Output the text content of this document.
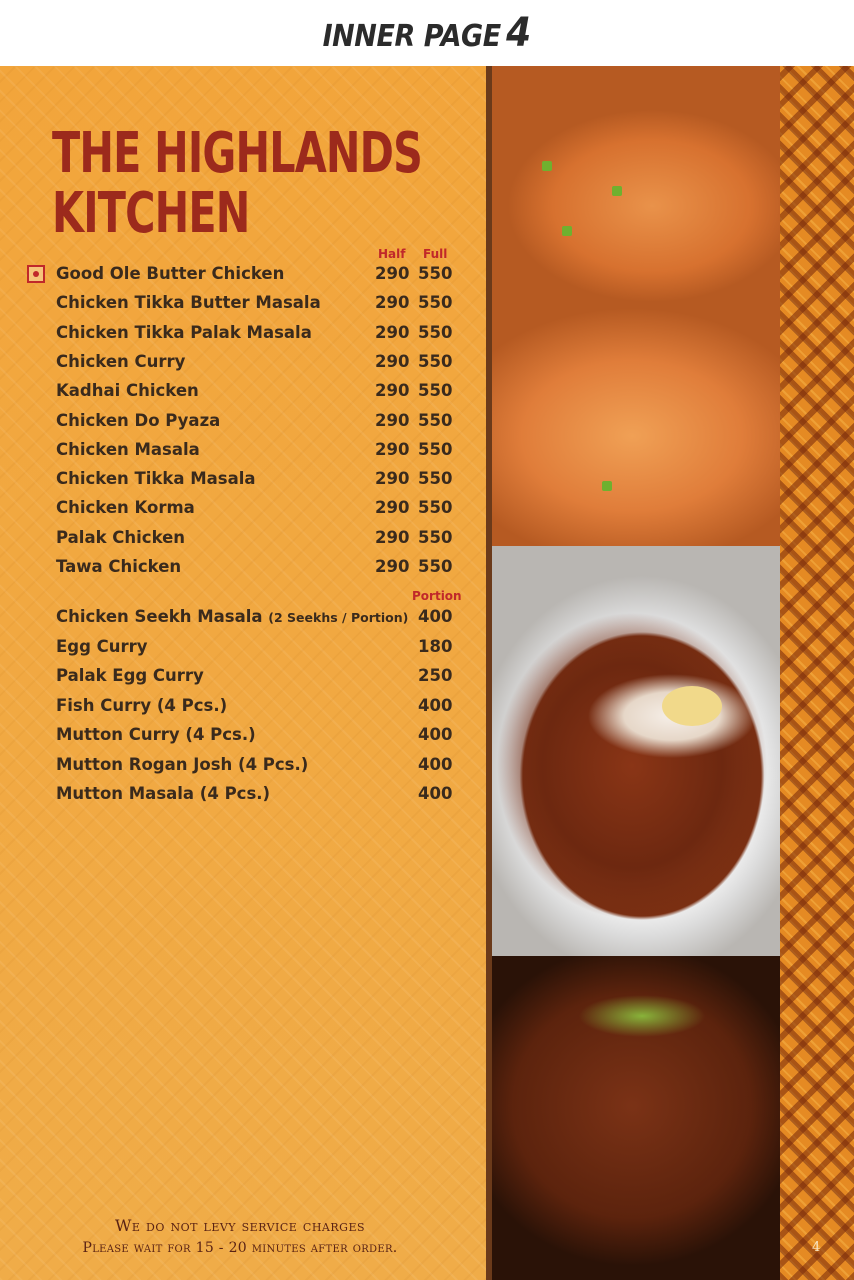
INNER PAGE 4
THE HIGHLANDS
KITCHEN
Half Full
Portion
Good Ole Butter Chicken	290 550
Chicken Tikka Butter Masala	290 550
Chicken Tikka Palak Masala	290 550
Chicken Curry	290 550
Kadhai Chicken	290 550
Chicken Do Pyaza	290 550
Chicken Masala	290 550
Chicken Tikka Masala	290 550
Chicken Korma	290 550
Palak Chicken	290 550
Tawa Chicken	290 550
Chicken Seekh Masala (2 Seekhs / Portion) 400
Egg Curry	180
Palak Egg Curry	250
Fish Curry (4 Pcs.)	400
Mutton Curry (4 Pcs.)	400
Mutton Rogan Josh (4 Pcs.)	400
Mutton Masala (4 Pcs.)	400
We do not levy service charges
Please wait for 15 - 20 minutes after order.	4
